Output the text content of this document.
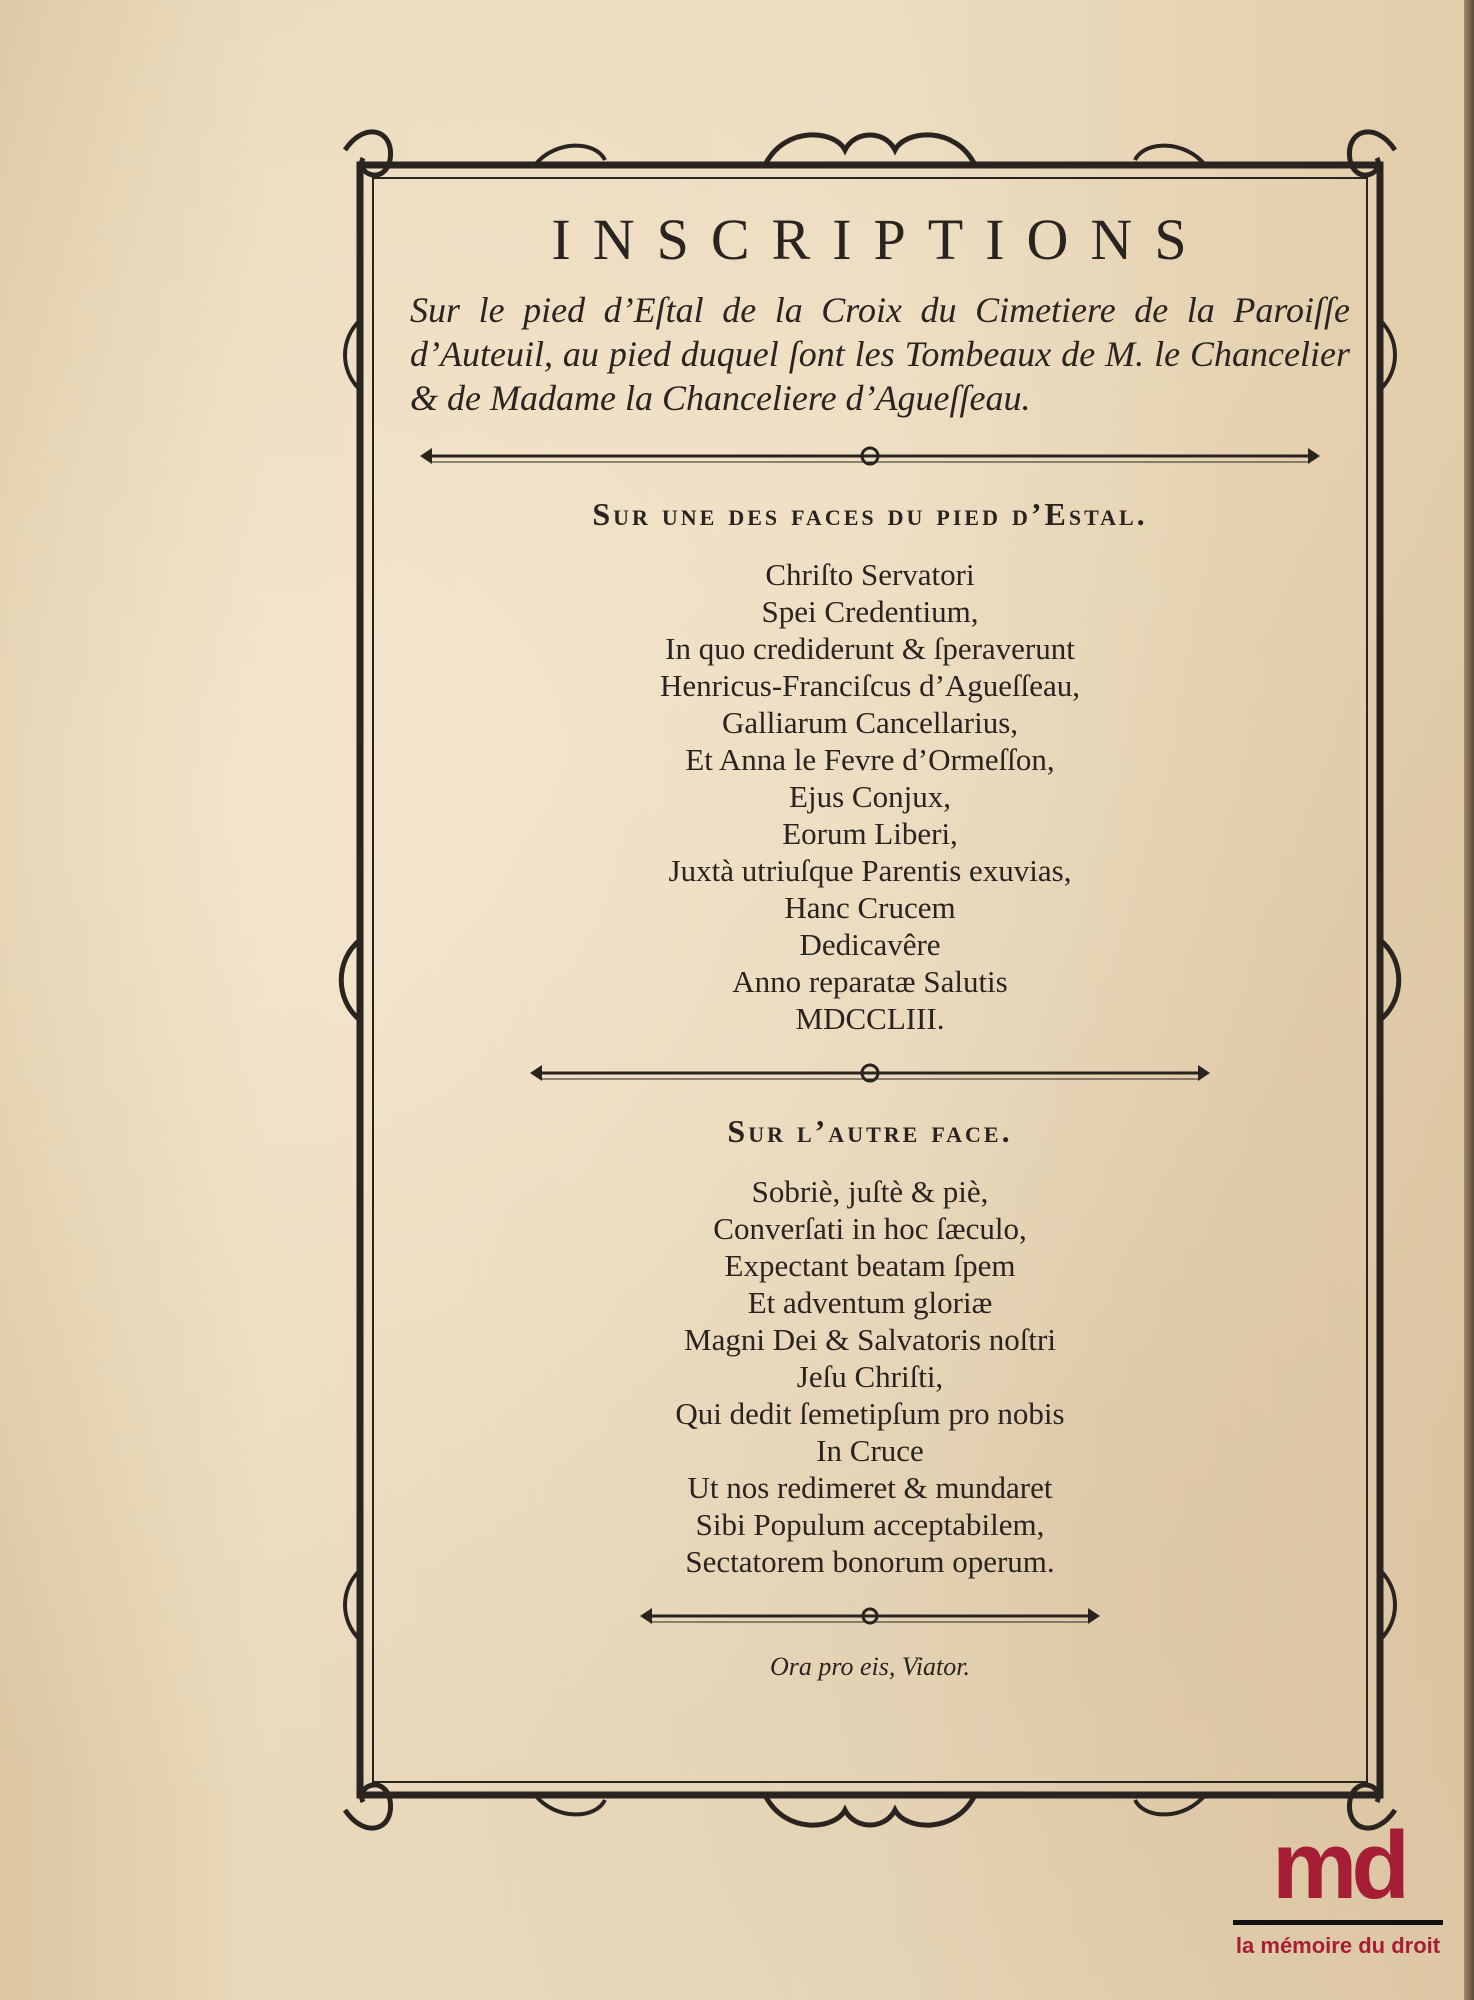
INSCRIPTIONS

Sur le pied d’Eſtal de la Croix du Cimetiere de la Paroiſſe d’Auteuil, au pied duquel ſont les Tombeaux de M. le Chancelier & de Madame la Chanceliere d’Agueſſeau.

Sur une des faces du pied d’Estal.
Chriſto Servatori
Spei Credentium,
In quo crediderunt & ſperaverunt
Henricus-Franciſcus d’Agueſſeau,
Galliarum Cancellarius,
Et Anna le Fevre d’Ormeſſon,
Ejus Conjux,
Eorum Liberi,
Juxtà utriuſque Parentis exuvias,
Hanc Crucem
Dedicavêre
Anno reparatæ Salutis
MDCCLIII.
Sur l’autre face.
Sobriè, juſtè & piè,
Converſati in hoc ſæculo,
Expectant beatam ſpem
Et adventum gloriæ
Magni Dei & Salvatoris noſtri
Jeſu Chriſti,
Qui dedit ſemetipſum pro nobis
In Cruce
Ut nos redimeret & mundaret
Sibi Populum acceptabilem,
Sectatorem bonorum operum.

Ora pro eis, Viator.

md
la mémoire du droit
